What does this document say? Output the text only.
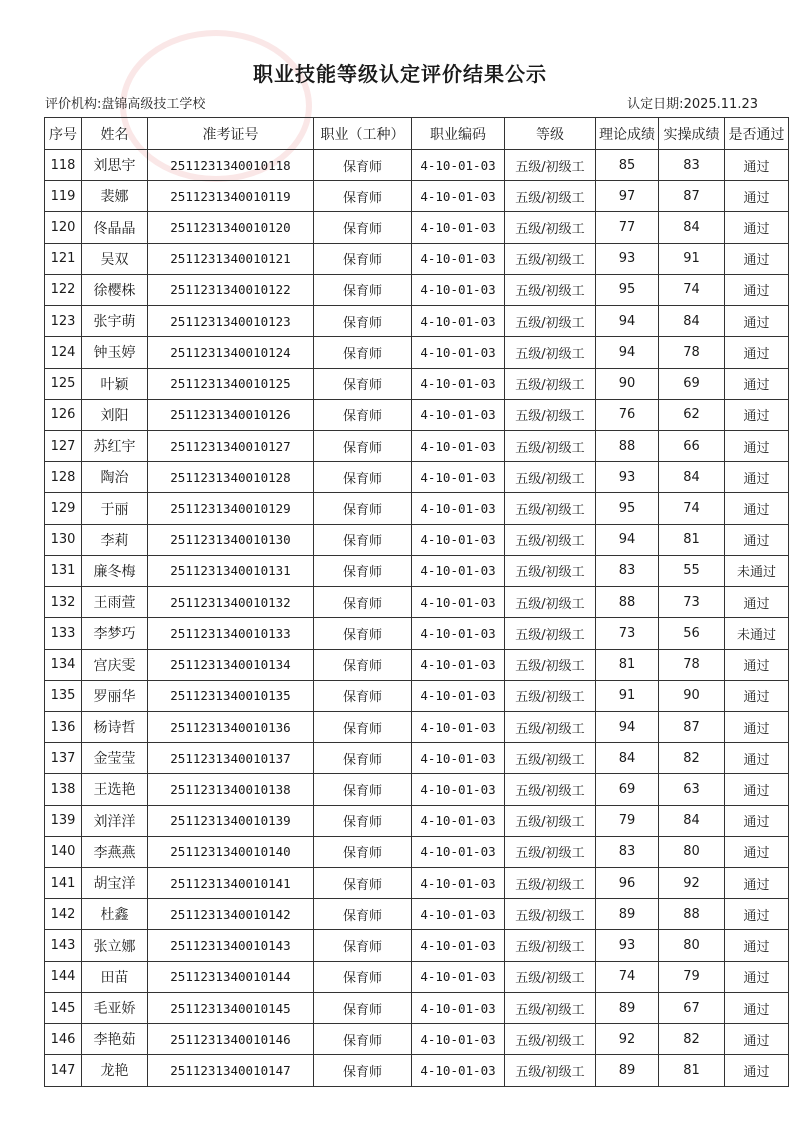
职业技能等级认定评价结果公示
评价机构:盘锦高级技工学校	认定日期:2025.11.23
序号	姓名	准考证号	职业（工种）	职业编码	等级	理论成绩	实操成绩	是否通过
118	刘思宇	2511231340010118	保育师	4-10-01-03	五级/初级工	85	83	通过
119	裴娜	2511231340010119	保育师	4-10-01-03	五级/初级工	97	87	通过
120	佟晶晶	2511231340010120	保育师	4-10-01-03	五级/初级工	77	84	通过
121	吴双	2511231340010121	保育师	4-10-01-03	五级/初级工	93	91	通过
122	徐樱株	2511231340010122	保育师	4-10-01-03	五级/初级工	95	74	通过
123	张宇萌	2511231340010123	保育师	4-10-01-03	五级/初级工	94	84	通过
124	钟玉婷	2511231340010124	保育师	4-10-01-03	五级/初级工	94	78	通过
125	叶颖	2511231340010125	保育师	4-10-01-03	五级/初级工	90	69	通过
126	刘阳	2511231340010126	保育师	4-10-01-03	五级/初级工	76	62	通过
127	苏红宇	2511231340010127	保育师	4-10-01-03	五级/初级工	88	66	通过
128	陶治	2511231340010128	保育师	4-10-01-03	五级/初级工	93	84	通过
129	于丽	2511231340010129	保育师	4-10-01-03	五级/初级工	95	74	通过
130	李莉	2511231340010130	保育师	4-10-01-03	五级/初级工	94	81	通过
131	廉冬梅	2511231340010131	保育师	4-10-01-03	五级/初级工	83	55	未通过
132	王雨萱	2511231340010132	保育师	4-10-01-03	五级/初级工	88	73	通过
133	李梦巧	2511231340010133	保育师	4-10-01-03	五级/初级工	73	56	未通过
134	宫庆雯	2511231340010134	保育师	4-10-01-03	五级/初级工	81	78	通过
135	罗丽华	2511231340010135	保育师	4-10-01-03	五级/初级工	91	90	通过
136	杨诗哲	2511231340010136	保育师	4-10-01-03	五级/初级工	94	87	通过
137	金莹莹	2511231340010137	保育师	4-10-01-03	五级/初级工	84	82	通过
138	王选艳	2511231340010138	保育师	4-10-01-03	五级/初级工	69	63	通过
139	刘洋洋	2511231340010139	保育师	4-10-01-03	五级/初级工	79	84	通过
140	李燕燕	2511231340010140	保育师	4-10-01-03	五级/初级工	83	80	通过
141	胡宝洋	2511231340010141	保育师	4-10-01-03	五级/初级工	96	92	通过
142	杜鑫	2511231340010142	保育师	4-10-01-03	五级/初级工	89	88	通过
143	张立娜	2511231340010143	保育师	4-10-01-03	五级/初级工	93	80	通过
144	田苗	2511231340010144	保育师	4-10-01-03	五级/初级工	74	79	通过
145	毛亚娇	2511231340010145	保育师	4-10-01-03	五级/初级工	89	67	通过
146	李艳茹	2511231340010146	保育师	4-10-01-03	五级/初级工	92	82	通过
147	龙艳	2511231340010147	保育师	4-10-01-03	五级/初级工	89	81	通过
